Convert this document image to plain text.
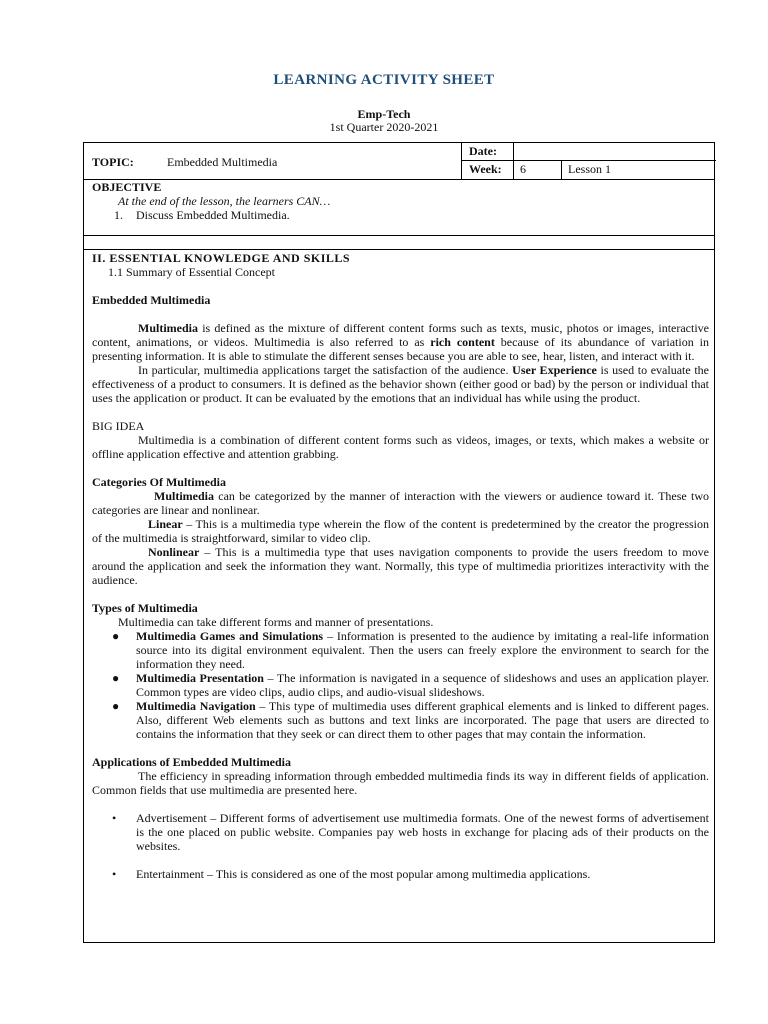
LEARNING ACTIVITY SHEET
Emp-Tech
1st Quarter 2020-2021
TOPIC:	Embedded Multimedia
Date:
Week: 6	Lesson 1
OBJECTIVE
At the end of the lesson, the learners CAN…
1. Discuss Embedded Multimedia.

II. ESSENTIAL KNOWLEDGE AND SKILLS

1.1 Summary of Essential Concept

Embedded Multimedia

Multimedia is defined as the mixture of different content forms such as texts, music, photos or images, interactive content, animations, or videos. Multimedia is also referred to as rich content because of its abundance of variation in presenting information. It is able to stimulate the different senses because you are able to see, hear, listen, and interact with it.

In particular, multimedia applications target the satisfaction of the audience. User Experience is used to evaluate the effectiveness of a product to consumers. It is defined as the behavior shown (either good or bad) by the person or individual that uses the application or product. It can be evaluated by the emotions that an individual has while using the product.

BIG IDEA

Multimedia is a combination of different content forms such as videos, images, or texts, which makes a website or offline application effective and attention grabbing.

Categories Of Multimedia

Multimedia can be categorized by the manner of interaction with the viewers or audience toward it. These two categories are linear and nonlinear.

Linear – This is a multimedia type wherein the flow of the content is predetermined by the creator the progression of the multimedia is straightforward, similar to video clip.

Nonlinear – This is a multimedia type that uses navigation components to provide the users freedom to move around the application and seek the information they want. Normally, this type of multimedia prioritizes interactivity with the audience.

Types of Multimedia

Multimedia can take different forms and manner of presentations.

● Multimedia Games and Simulations – Information is presented to the audience by imitating a real-life information source into its digital environment equivalent. Then the users can freely explore the environment to search for the information they need.
● Multimedia Presentation – The information is navigated in a sequence of slideshows and uses an application player. Common types are video clips, audio clips, and audio-visual slideshows.
● Multimedia Navigation – This type of multimedia uses different graphical elements and is linked to different pages. Also, different Web elements such as buttons and text links are incorporated. The page that users are directed to contains the information that they seek or can direct them to other pages that may contain the information.

Applications of Embedded Multimedia

The efficiency in spreading information through embedded multimedia finds its way in different fields of application. Common fields that use multimedia are presented here.

• Advertisement – Different forms of advertisement use multimedia formats. One of the newest forms of advertisement is the one placed on public website. Companies pay web hosts in exchange for placing ads of their products on the websites.
• Entertainment – This is considered as one of the most popular among multimedia applications.
